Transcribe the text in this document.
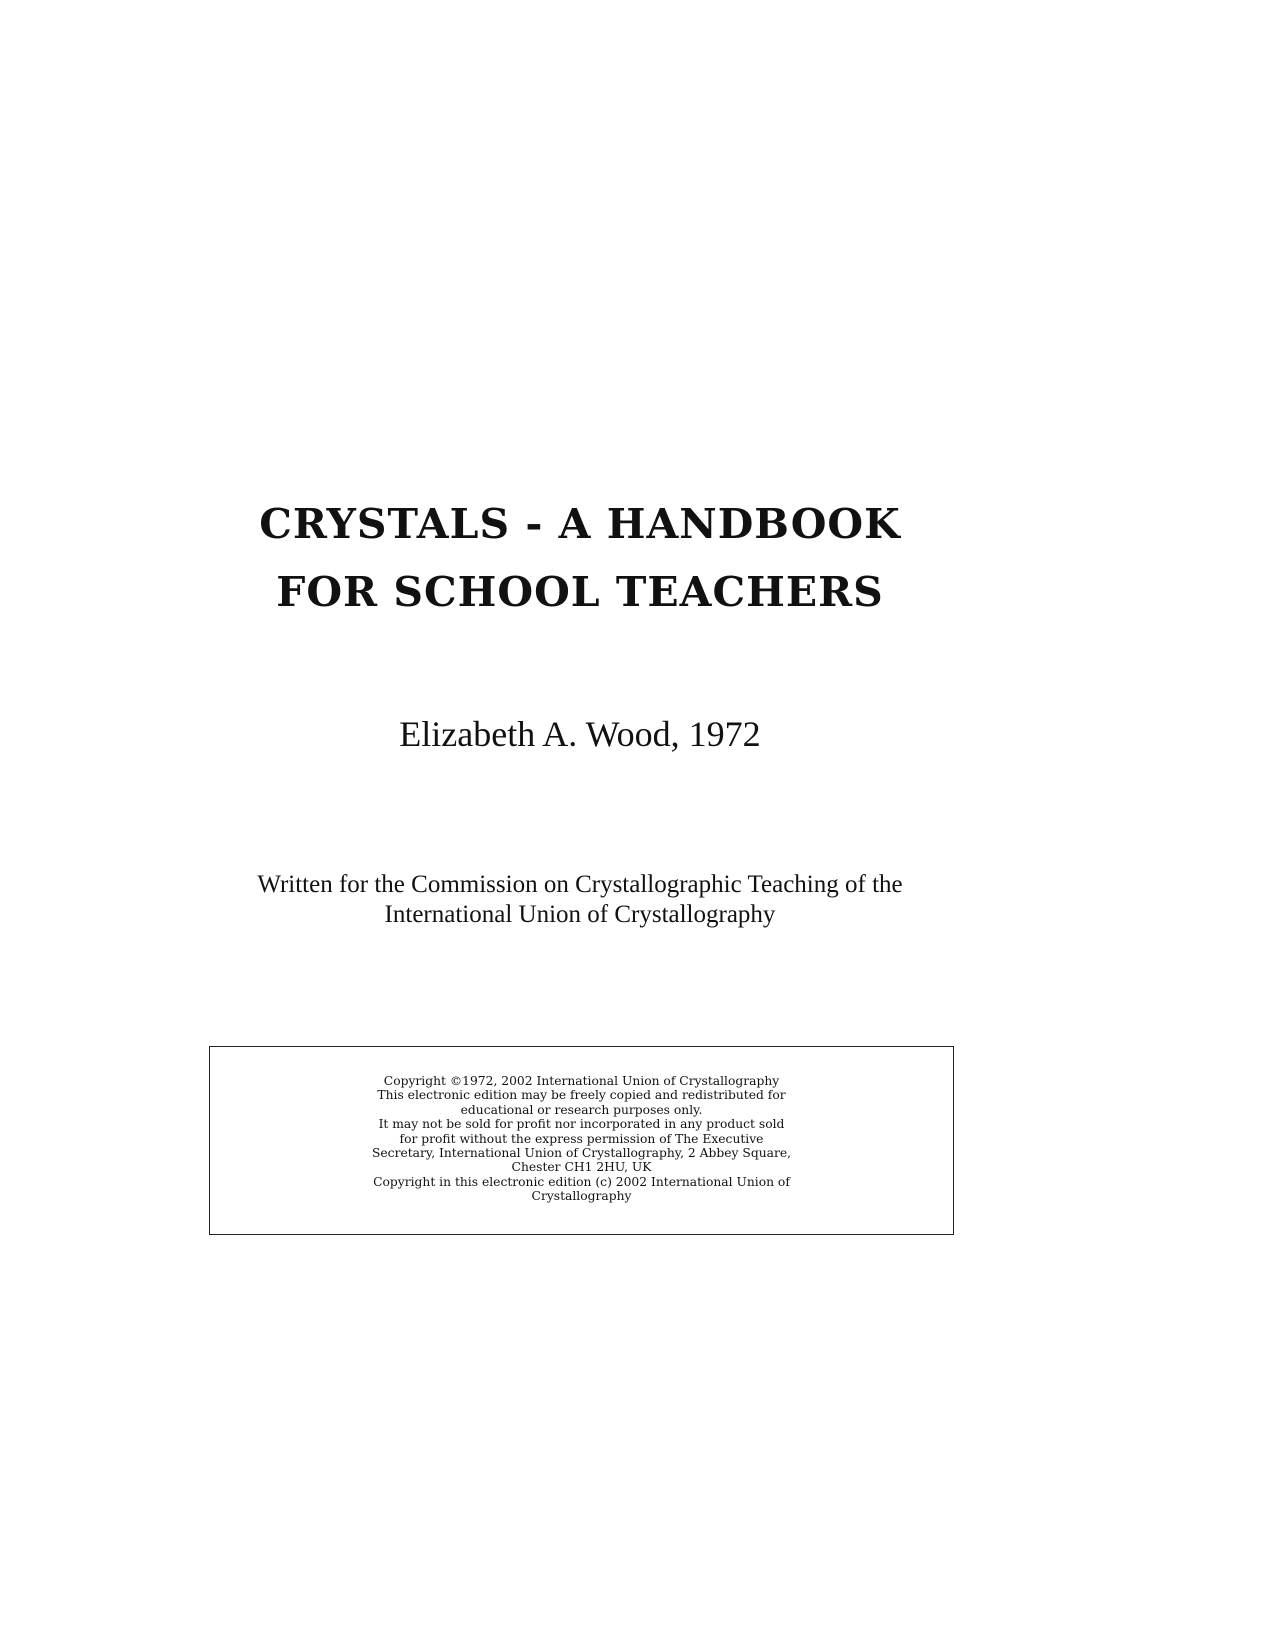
CRYSTALS - A HANDBOOK
FOR SCHOOL TEACHERS
Elizabeth A. Wood, 1972
Written for the Commission on Crystallographic Teaching of the
International Union of Crystallography
Copyright ©1972, 2002 International Union of Crystallography
This electronic edition may be freely copied and redistributed for
educational or research purposes only.
It may not be sold for profit nor incorporated in any product sold
for profit without the express permission of The Executive
Secretary, International Union of Crystallography, 2 Abbey Square,
Chester CH1 2HU, UK
Copyright in this electronic edition (c) 2002 International Union of
Crystallography
